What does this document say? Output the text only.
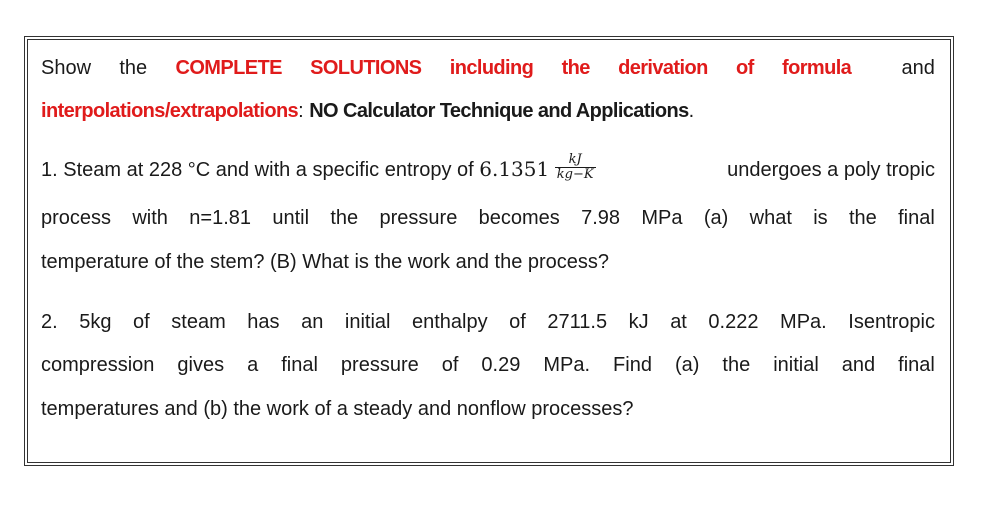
Show the COMPLETE SOLUTIONS including the derivation of formula	and
interpolations/extrapolations: NO Calculator Technique and Applications.
1. Steam at 228 °C and with a specific entropy of $6.1351 \frac{kJ}{kg-K}$	undergoes a poly tropic
process with n=1.81 until the pressure becomes 7.98 MPa (a) what is the final
temperature of the stem? (B) What is the work and the process?
2. 5kg of steam has an initial enthalpy of 2711.5 kJ at 0.222 MPa. Isentropic
compression gives a final pressure of 0.29 MPa. Find (a) the initial and final
temperatures and (b) the work of a steady and nonflow processes?
